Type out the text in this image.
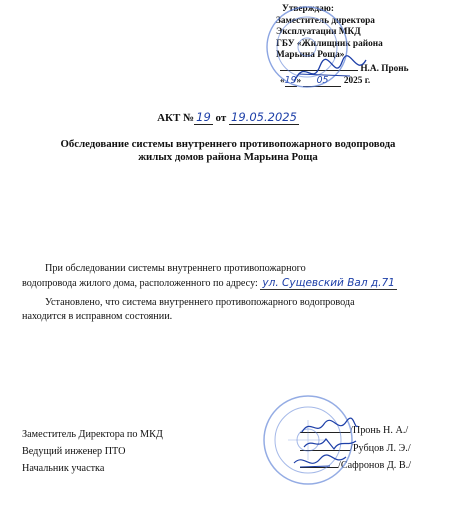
Утверждаю:
Заместитель директора
Эксплуатации МКД
ГБУ «Жилищник района
Марьина Роща»
Н.А. Пронь
«19» 05 2025 г.
АКТ № 19 от 19.05.2025
Обследование системы внутреннего противопожарного водопровода
жилых домов района Марьина Роща
При обследовании системы внутреннего противопожарного
водопровода жилого дома, расположенного по адресу: ул. Сущевский Вал д.71
Установлено, что система внутреннего противопожарного водопровода
находится в исправном состоянии.
Заместитель Директора по МКД
Ведущий инженер ПТО
Начальник участка
/Пронь Н. А./
/Рубцов Л. Э./
/Сафронов Д. В./
